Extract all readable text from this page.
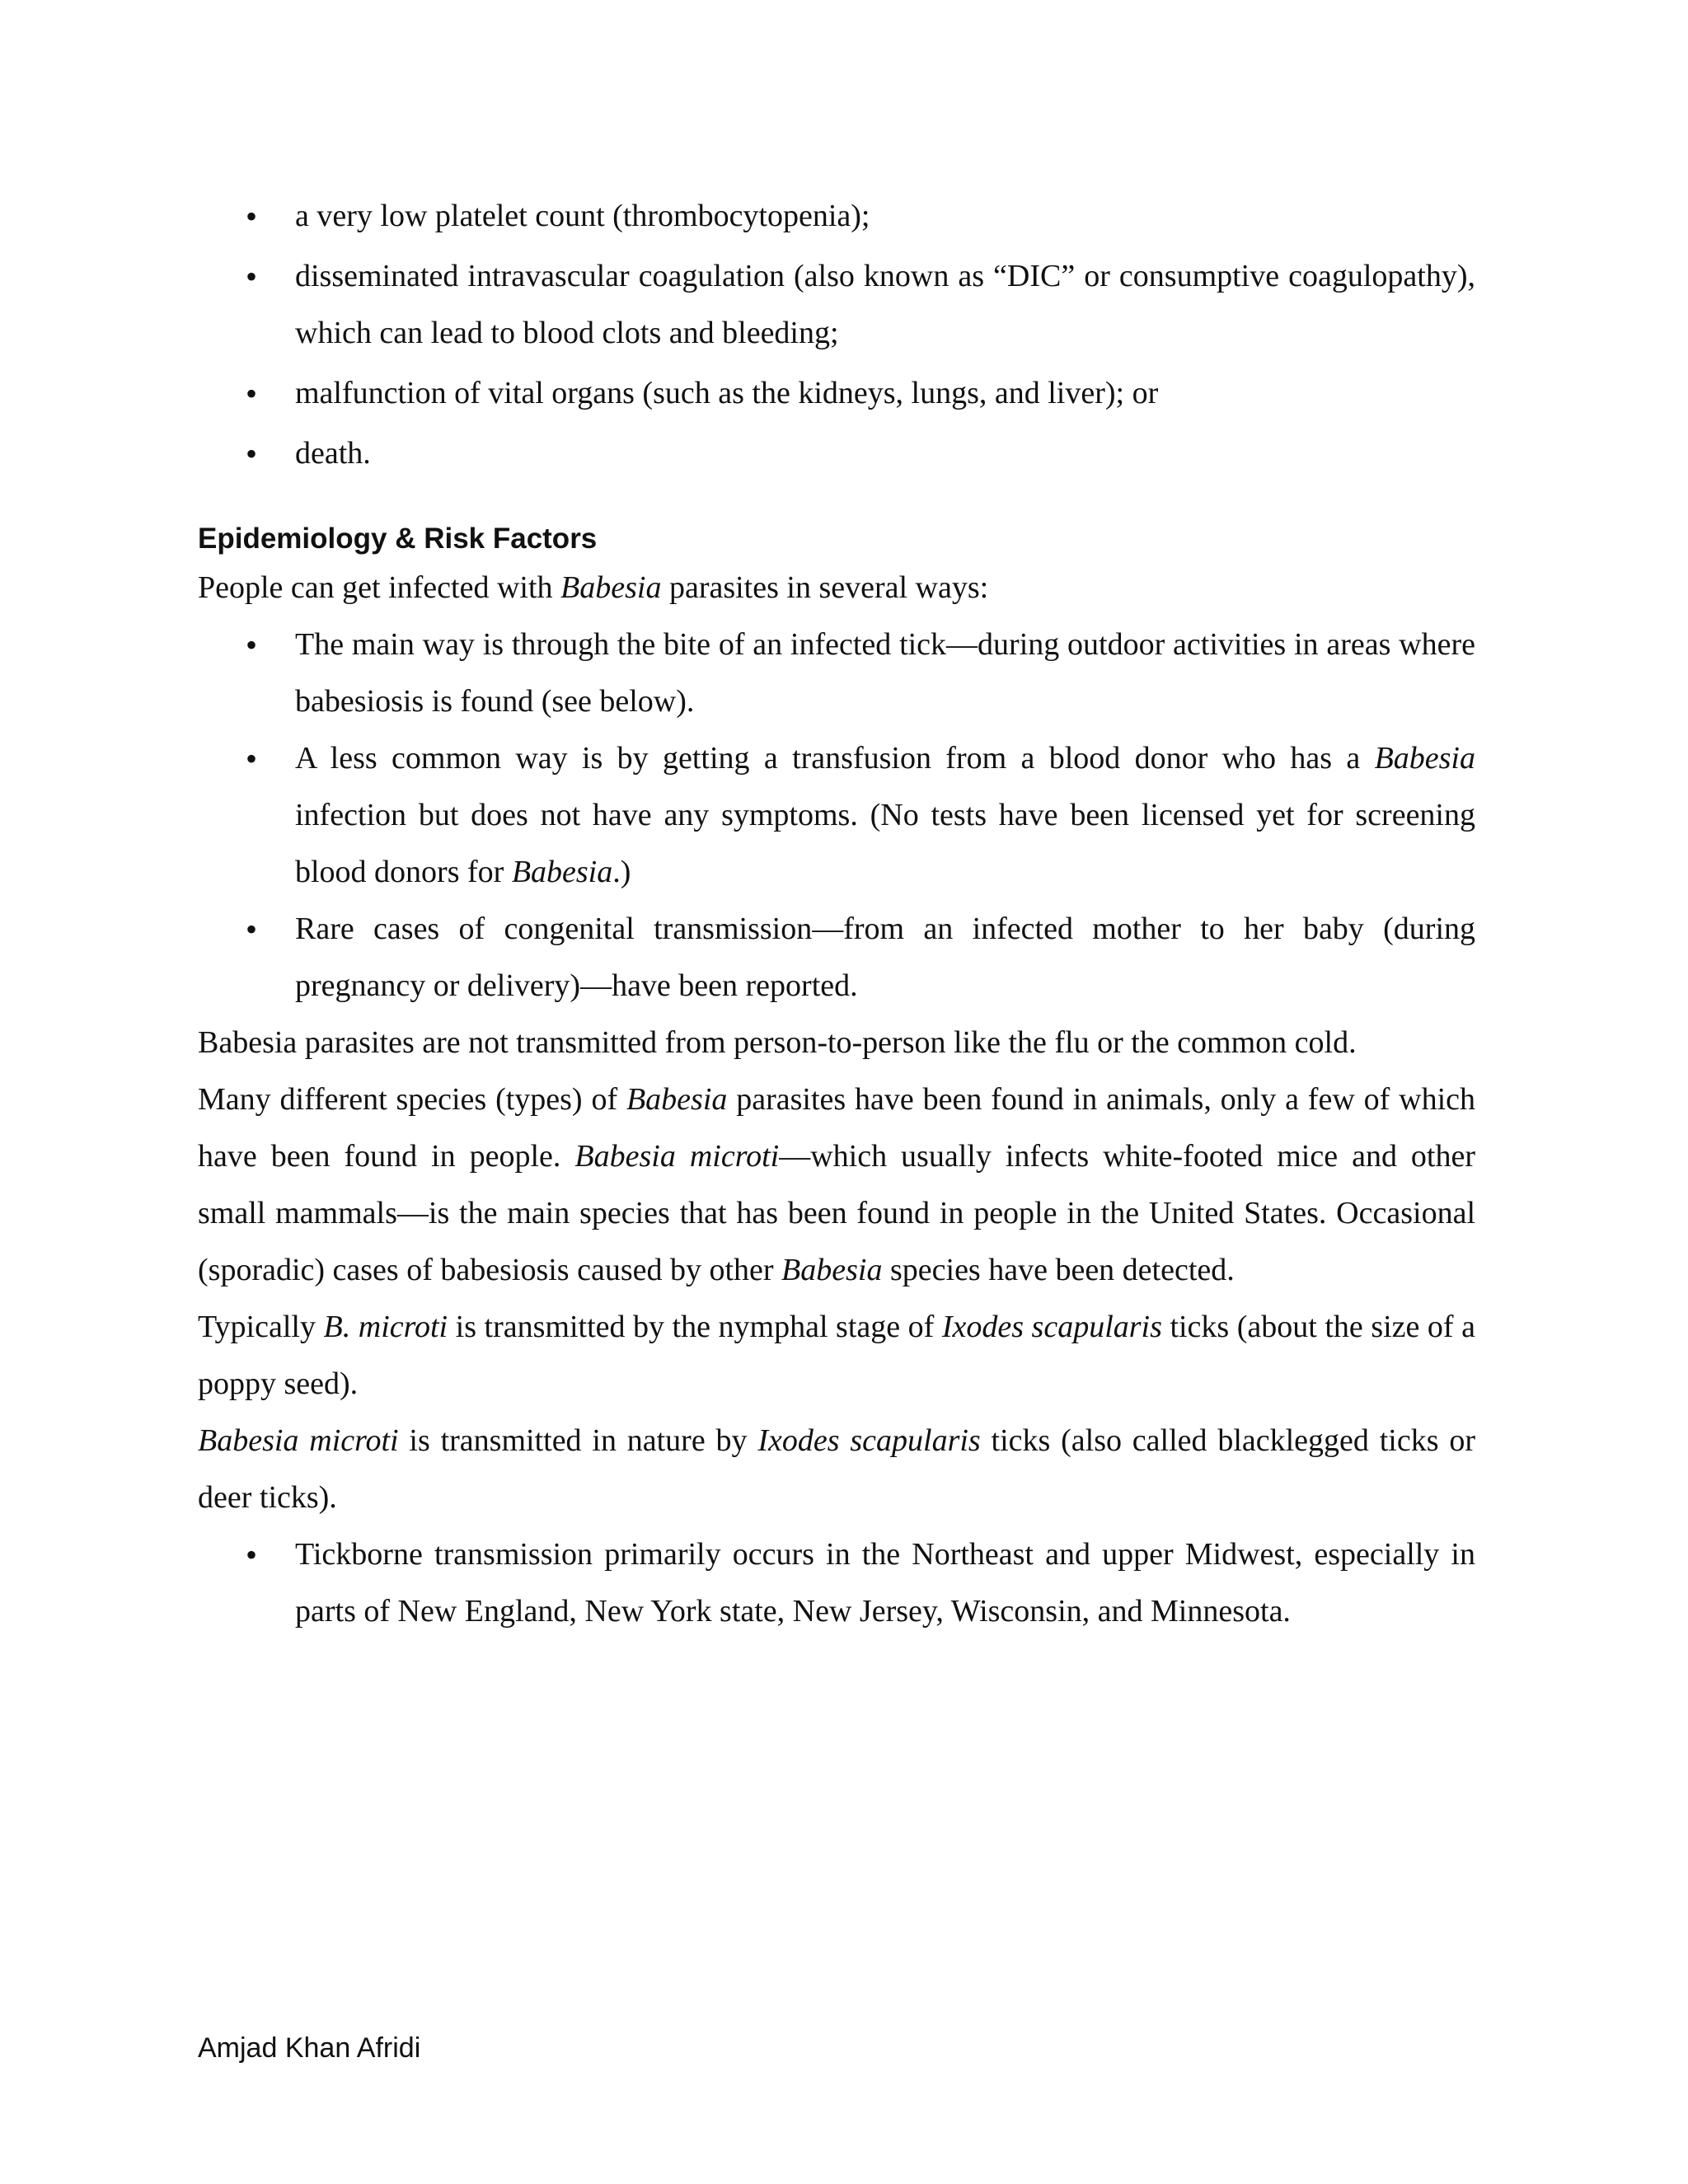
• a very low platelet count (thrombocytopenia);
• disseminated intravascular coagulation (also known as “DIC” or consumptive coagulopathy), which can lead to blood clots and bleeding;
• malfunction of vital organs (such as the kidneys, lungs, and liver); or
• death.
Epidemiology & Risk Factors

People can get infected with Babesia parasites in several ways:

• The main way is through the bite of an infected tick—during outdoor activities in areas where babesiosis is found (see below).
• A less common way is by getting a transfusion from a blood donor who has a Babesia infection but does not have any symptoms. (No tests have been licensed yet for screening blood donors for Babesia.)
• Rare cases of congenital transmission—from an infected mother to her baby (during pregnancy or delivery)—have been reported.

Babesia parasites are not transmitted from person-to-person like the flu or the common cold.

Many different species (types) of Babesia parasites have been found in animals, only a few of which have been found in people. Babesia microti—which usually infects white-footed mice and other small mammals—is the main species that has been found in people in the United States. Occasional (sporadic) cases of babesiosis caused by other Babesia species have been detected.

Typically B. microti is transmitted by the nymphal stage of Ixodes scapularis ticks (about the size of a poppy seed).

Babesia microti is transmitted in nature by Ixodes scapularis ticks (also called blacklegged ticks or deer ticks).

• Tickborne transmission primarily occurs in the Northeast and upper Midwest, especially in parts of New England, New York state, New Jersey, Wisconsin, and Minnesota.
Amjad Khan Afridi
